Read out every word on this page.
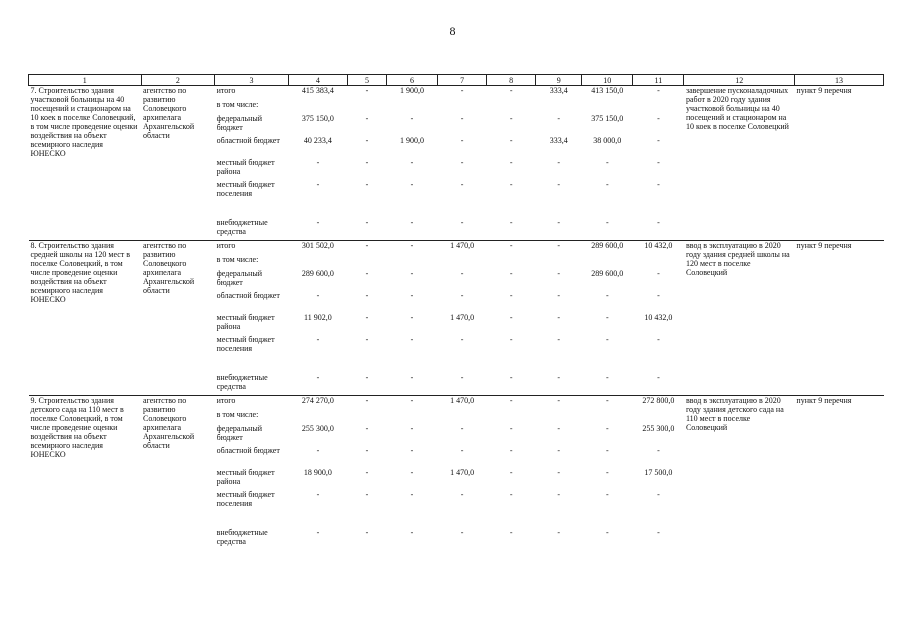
8
1	2	3	4	5	6	7	8	9	10	11	12	13
7. Строительство здания участковой больницы на 40 посещений и стационаром на 10 коек в поселке Соловецкий, в том числе проведение оценки воздействия на объект всемирного наследия ЮНЕСКО	агентство по развитию Соловецкого архипелага Архангельской области	итого	415 383,4	-	1 900,0	-	-	333,4	413 150,0	-	завершение пусконаладочных работ в 2020 году здания участковой больницы на 40 посещений и стационаром на 10 коек в поселке Соловецкий	пункт 9 перечня
		в том числе:										
		федеральный бюджет	375 150,0	-	-	-	-	-	375 150,0	-		
		областной бюджет	40 233,4	-	1 900,0	-	-	333,4	38 000,0	-		
		местный бюджет района	-	-	-	-	-	-	-	-		
		местный бюджет поселения	-	-	-	-	-	-	-	-		
		внебюджетные средства	-	-	-	-	-	-	-	-		
8. Строительство здания средней школы на 120 мест в поселке Соловецкий, в том числе проведение оценки воздействия на объект всемирного наследия ЮНЕСКО	агентство по развитию Соловецкого архипелага Архангельской области	итого	301 502,0	-	-	1 470,0	-	-	289 600,0	10 432,0	ввод в эксплуатацию в 2020 году здания средней школы на 120 мест в поселке Соловецкий	пункт 9 перечня
		в том числе:										
		федеральный бюджет	289 600,0	-	-	-	-	-	289 600,0	-		
		областной бюджет	-	-	-	-	-	-	-	-		
		местный бюджет района	11 902,0	-	-	1 470,0	-	-	-	10 432,0		
		местный бюджет поселения	-	-	-	-	-	-	-	-		
		внебюджетные средства	-	-	-	-	-	-	-	-		
9. Строительство здания детского сада на 110 мест в поселке Соловецкий, в том числе проведение оценки воздействия на объект всемирного наследия ЮНЕСКО	агентство по развитию Соловецкого архипелага Архангельской области	итого	274 270,0	-	-	1 470,0	-	-	-	272 800,0	ввод в эксплуатацию в 2020 году здания детского сада на 110 мест в поселке Соловецкий	пункт 9 перечня
		в том числе:										
		федеральный бюджет	255 300,0	-	-	-	-	-	-	255 300,0		
		областной бюджет	-	-	-	-	-	-	-	-		
		местный бюджет района	18 900,0	-	-	1 470,0	-	-	-	17 500,0		
		местный бюджет поселения	-	-	-	-	-	-	-	-		
		внебюджетные средства	-	-	-	-	-	-	-	-		
